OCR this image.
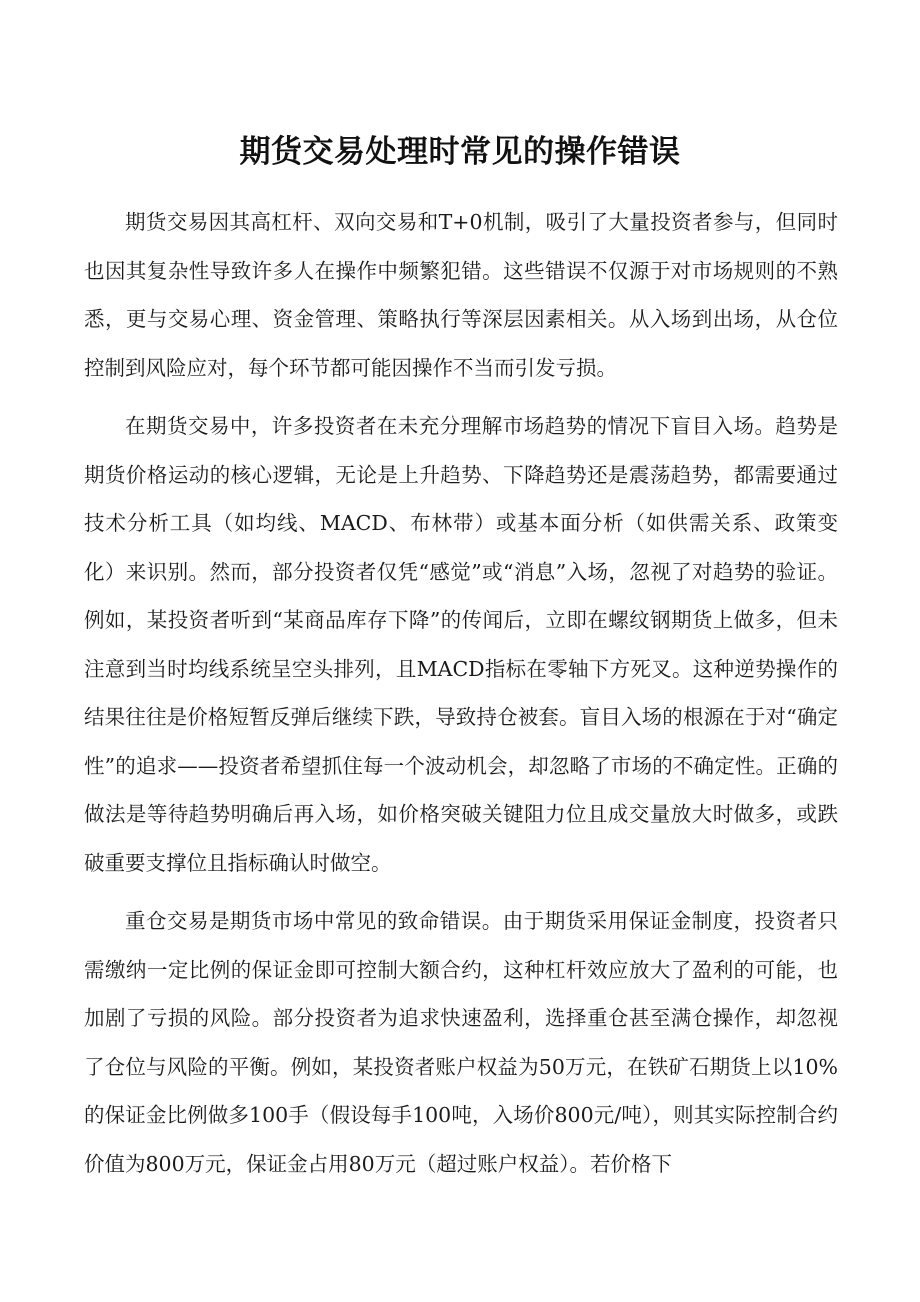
期货交易处理时常见的操作错误

期货交易因其高杠杆、双向交易和T+0机制，吸引了大量投资者参与，但同时也因其复杂性导致许多人在操作中频繁犯错。这些错误不仅源于对市场规则的不熟悉，更与交易心理、资金管理、策略执行等深层因素相关。从入场到出场，从仓位控制到风险应对，每个环节都可能因操作不当而引发亏损。

在期货交易中，许多投资者在未充分理解市场趋势的情况下盲目入场。趋势是期货价格运动的核心逻辑，无论是上升趋势、下降趋势还是震荡趋势，都需要通过技术分析工具（如均线、MACD、布林带）或基本面分析（如供需关系、政策变化）来识别。然而，部分投资者仅凭“感觉”或“消息”入场，忽视了对趋势的验证。例如，某投资者听到“某商品库存下降”的传闻后，立即在螺纹钢期货上做多，但未注意到当时均线系统呈空头排列，且MACD指标在零轴下方死叉。这种逆势操作的结果往往是价格短暂反弹后继续下跌，导致持仓被套。盲目入场的根源在于对“确定性”的追求——投资者希望抓住每一个波动机会，却忽略了市场的不确定性。正确的做法是等待趋势明确后再入场，如价格突破关键阻力位且成交量放大时做多，或跌破重要支撑位且指标确认时做空。

重仓交易是期货市场中常见的致命错误。由于期货采用保证金制度，投资者只需缴纳一定比例的保证金即可控制大额合约，这种杠杆效应放大了盈利的可能，也加剧了亏损的风险。部分投资者为追求快速盈利，选择重仓甚至满仓操作，却忽视了仓位与风险的平衡。例如，某投资者账户权益为50万元，在铁矿石期货上以10%的保证金比例做多100手（假设每手100吨，入场价800元/吨），则其实际控制合约价值为800万元，保证金占用80万元（超过账户权益）。若价格下
